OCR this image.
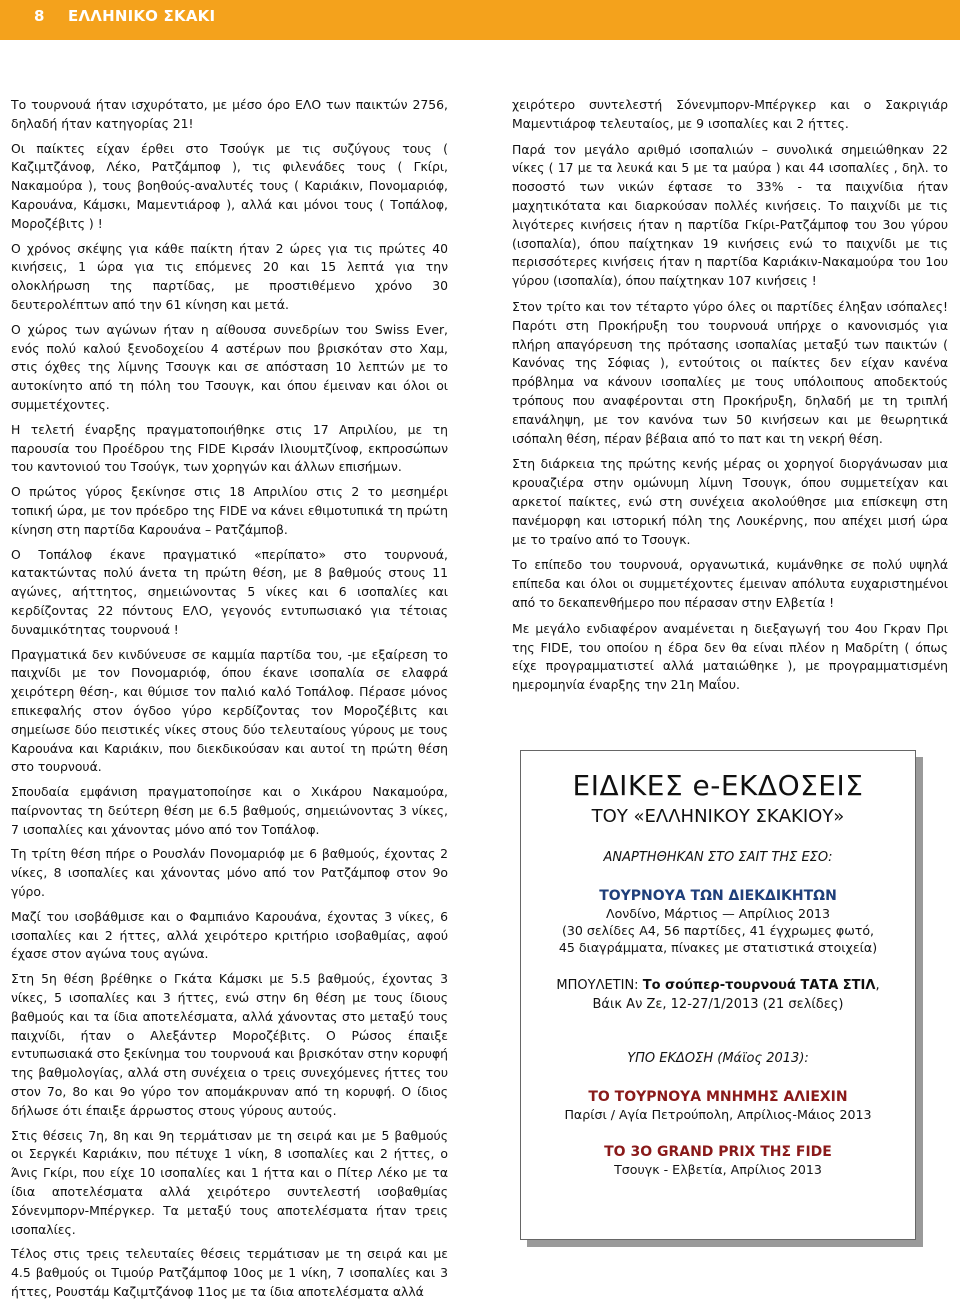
8 ΕΛΛΗΝΙΚΟ ΣΚΑΚΙ

Το τουρνουά ήταν ισχυρότατο, με μέσο όρο ΕΛΟ των παικτών 2756, δηλαδή ήταν κατηγορίας 21!

Οι παίκτες είχαν έρθει στο Τσούγκ με τις συζύγους τους ( Καζιμτζάνοφ, Λέκο, Ρατζάμποφ ), τις φιλενάδες τους ( Γκίρι, Νακαμούρα ), τους βοηθούς-αναλυτές τους ( Καριάκιν, Πονομαριόφ, Καρουάνα, Κάμσκι, Μαμεντιάροφ ), αλλά και μόνοι τους ( Τοπάλοφ, Μοροζέβιτς ) !

Ο χρόνος σκέψης για κάθε παίκτη ήταν 2 ώρες για τις πρώτες 40 κινήσεις, 1 ώρα για τις επόμενες 20 και 15 λεπτά για την ολοκλήρωση της παρτίδας, με προστιθέμενο χρόνο 30 δευτερολέπτων από την 61 κίνηση και μετά.

Ο χώρος των αγώνων ήταν η αίθουσα συνεδρίων του Swiss Ever, ενός πολύ καλού ξενοδοχείου 4 αστέρων που βρισκόταν στο Χαμ, στις όχθες της λίμνης Τσουγκ και σε απόσταση 10 λεπτών με το αυτοκίνητο από τη πόλη του Τσουγκ, και όπου έμειναν και όλοι οι συμμετέχοντες.

Η τελετή έναρξης πραγματοποιήθηκε στις 17 Απριλίου, με τη παρουσία του Προέδρου της FIDE Κιρσάν Ιλιουμτζίνοφ, εκπροσώπων του καντονιού του Τσούγκ, των χορηγών και άλλων επισήμων.

Ο πρώτος γύρος ξεκίνησε στις 18 Απριλίου στις 2 το μεσημέρι τοπική ώρα, με τον πρόεδρο της FIDE να κάνει εθιμοτυπικά τη πρώτη κίνηση στη παρτίδα Καρουάνα – Ρατζάμποβ.

Ο Τοπάλοφ έκανε πραγματικό «περίπατο» στο τουρνουά, κατακτώντας πολύ άνετα τη πρώτη θέση, με 8 βαθμούς στους 11 αγώνες, αήττητος, σημειώνοντας 5 νίκες και 6 ισοπαλίες και κερδίζοντας 22 πόντους ΕΛΟ, γεγονός εντυπωσιακό για τέτοιας δυναμικότητας τουρνουά !

Πραγματικά δεν κινδύνευσε σε καμμία παρτίδα του, -με εξαίρεση το παιχνίδι με τον Πονομαριόφ, όπου έκανε ισοπαλία σε ελαφρά χειρότερη θέση-, και θύμισε τον παλιό καλό Τοπάλοφ. Πέρασε μόνος επικεφαλής στον όγδοο γύρο κερδίζοντας τον Μοροζέβιτς και σημείωσε δύο πειστικές νίκες στους δύο τελευταίους γύρους με τους Καρουάνα και Καριάκιν, που διεκδικούσαν και αυτοί τη πρώτη θέση στο τουρνουά.

Σπουδαία εμφάνιση πραγματοποίησε και ο Χικάρου Νακαμούρα, παίρνοντας τη δεύτερη θέση με 6.5 βαθμούς, σημειώνοντας 3 νίκες, 7 ισοπαλίες και χάνοντας μόνο από τον Τοπάλοφ.

Τη τρίτη θέση πήρε ο Ρουσλάν Πονομαριόφ με 6 βαθμούς, έχοντας 2 νίκες, 8 ισοπαλίες και χάνοντας μόνο από τον Ρατζάμποφ στον 9ο γύρο.

Μαζί του ισοβάθμισε και ο Φαμπιάνο Καρουάνα, έχοντας 3 νίκες, 6 ισοπαλίες και 2 ήττες, αλλά χειρότερο κριτήριο ισοβαθμίας, αφού έχασε στον αγώνα τους αγώνα.

Στη 5η θέση βρέθηκε ο Γκάτα Κάμσκι με 5.5 βαθμούς, έχοντας 3 νίκες, 5 ισοπαλίες και 3 ήττες, ενώ στην 6η θέση με τους ίδιους βαθμούς και τα ίδια αποτελέσματα, αλλά χάνοντας στο μεταξύ τους παιχνίδι, ήταν ο Αλεξάντερ Μοροζέβιτς. Ο Ρώσος έπαιξε εντυπωσιακά στο ξεκίνημα του τουρνουά και βρισκόταν στην κορυφή της βαθμολογίας, αλλά στη συνέχεια ο τρεις συνεχόμενες ήττες του στον 7ο, 8ο και 9ο γύρο τον απομάκρυναν από τη κορυφή. Ο ίδιος δήλωσε ότι έπαιξε άρρωστος στους γύρους αυτούς.

Στις θέσεις 7η, 8η και 9η τερμάτισαν με τη σειρά και με 5 βαθμούς οι Σεργκέι Καριάκιν, που πέτυχε 1 νίκη, 8 ισοπαλίες και 2 ήττες, ο Άνις Γκίρι, που είχε 10 ισοπαλίες και 1 ήττα και ο Πίτερ Λέκο με τα ίδια αποτελέσματα αλλά χειρότερο συντελεστή ισοβαθμίας Σόνενμπορν-Μπέργκερ. Τα μεταξύ τους αποτελέσματα ήταν τρεις ισοπαλίες.

Τέλος στις τρεις τελευταίες θέσεις τερμάτισαν με τη σειρά και με 4.5 βαθμούς οι Τιμούρ Ρατζάμποφ 10ος με 1 νίκη, 7 ισοπαλίες και 3 ήττες, Ρουστάμ Καζιμτζάνοφ 11ος με τα ίδια αποτελέσματα αλλά

χειρότερο συντελεστή Σόνενμπορν-Μπέργκερ και ο Σακριγιάρ Μαμεντιάροφ τελευταίος, με 9 ισοπαλίες και 2 ήττες.

Παρά τον μεγάλο αριθμό ισοπαλιών – συνολικά σημειώθηκαν 22 νίκες ( 17 με τα λευκά και 5 με τα μαύρα ) και 44 ισοπαλίες , δηλ. το ποσοστό των νικών έφτασε το 33% - τα παιχνίδια ήταν μαχητικότατα και διαρκούσαν πολλές κινήσεις. Το παιχνίδι με τις λιγότερες κινήσεις ήταν η παρτίδα Γκίρι-Ρατζάμποφ του 3ου γύρου (ισοπαλία), όπου παίχτηκαν 19 κινήσεις ενώ το παιχνίδι με τις περισσότερες κινήσεις ήταν η παρτίδα Καριάκιν-Νακαμούρα του 1ου γύρου (ισοπαλία), όπου παίχτηκαν 107 κινήσεις !

Στον τρίτο και τον τέταρτο γύρο όλες οι παρτίδες έληξαν ισόπαλες! Παρότι στη Προκήρυξη του τουρνουά υπήρχε ο κανονισμός για πλήρη απαγόρευση της πρότασης ισοπαλίας μεταξύ των παικτών ( Κανόνας της Σόφιας ), εντούτοις οι παίκτες δεν είχαν κανένα πρόβλημα να κάνουν ισοπαλίες με τους υπόλοιπους αποδεκτούς τρόπους που αναφέρονται στη Προκήρυξη, δηλαδή με τη τριπλή επανάληψη, με τον κανόνα των 50 κινήσεων και με θεωρητικά ισόπαλη θέση, πέραν βέβαια από το πατ και τη νεκρή θέση.

Στη διάρκεια της πρώτης κενής μέρας οι χορηγοί διοργάνωσαν μια κρουαζιέρα στην ομώνυμη λίμνη Τσουγκ, όπου συμμετείχαν και αρκετοί παίκτες, ενώ στη συνέχεια ακολούθησε μια επίσκεψη στη πανέμορφη και ιστορική πόλη της Λουκέρνης, που απέχει μισή ώρα με το τραίνο από το Τσουγκ.

Το επίπεδο του τουρνουά, οργανωτικά, κυμάνθηκε σε πολύ υψηλά επίπεδα και όλοι οι συμμετέχοντες έμειναν απόλυτα ευχαριστημένοι από το δεκαπενθήμερο που πέρασαν στην Ελβετία !

Με μεγάλο ενδιαφέρον αναμένεται η διεξαγωγή του 4ου Γκραν Πρι της FIDE, του οποίου η έδρα δεν θα είναι πλέον η Μαδρίτη ( όπως είχε προγραμματιστεί αλλά ματαιώθηκε ), με προγραμματισμένη ημερομηνία έναρξης την 21η Μαΐου.

ΕΙΔΙΚΕΣ e-ΕΚΔΟΣΕΙΣ
ΤΟΥ «ΕΛΛΗΝΙΚΟΥ ΣΚΑΚΙΟΥ»
ΑΝΑΡΤΗΘΗΚΑΝ ΣΤΟ ΣΑΙΤ ΤΗΣ ΕΣΟ:
ΤΟΥΡΝΟΥΑ ΤΩΝ ΔΙΕΚΔΙΚΗΤΩΝ
Λονδίνο, Μάρτιος — Απρίλιος 2013
(30 σελίδες A4, 56 παρτίδες, 41 έγχρωμες φωτό,
45 διαγράμματα, πίνακες με στατιστικά στοιχεία)
ΜΠΟΥΛΕΤΙΝ: Το σούπερ-τουρνουά ΤΑΤΑ ΣΤΙΛ, Βάικ Αν Ζε, 12-27/1/2013 (21 σελίδες)
ΥΠΟ ΕΚΔΟΣΗ (Μάϊος 2013):
ΤΟ ΤΟΥΡΝΟΥΑ ΜΝΗΜΗΣ ΑΛΙΕΧΙΝ
Παρίσι / Αγία Πετρούπολη, Απρίλιος-Μάιος 2013
ΤΟ 3Ο GRAND PRIX ΤΗΣ FIDE
Τσουγκ - Ελβετία, Απρίλιος 2013
